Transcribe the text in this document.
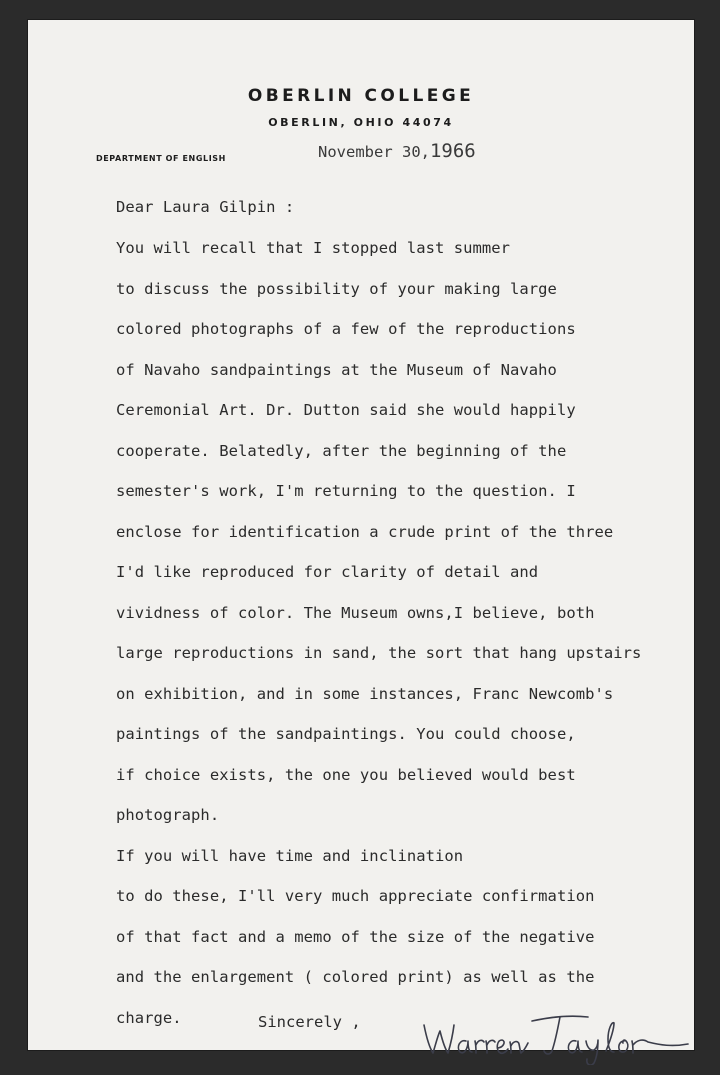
OBERLIN COLLEGE
OBERLIN, OHIO 44074
DEPARTMENT OF ENGLISH	November 30,1966
Dear Laura Gilpin :
You will recall that I stopped last summer
to discuss the possibility of your making large
colored photographs of a few of the reproductions
of Navaho sandpaintings at the Museum of Navaho
Ceremonial Art. Dr. Dutton said she would happily
cooperate. Belatedly, after the beginning of the
semester's work, I'm returning to the question. I
enclose for identification a crude print of the three
I'd like reproduced for clarity of detail and
vividness of color. The Museum owns,I believe, both
large reproductions in sand, the sort that hang upstairs
on exhibition, and in some instances, Franc Newcomb's
paintings of the sandpaintings. You could choose,
if choice exists, the one you believed would best
photograph.
If you will have time and inclination
to do these, I'll very much appreciate confirmation
of that fact and a memo of the size of the negative
and the enlargement ( colored print) as well as the
charge.	Sincerely ,
